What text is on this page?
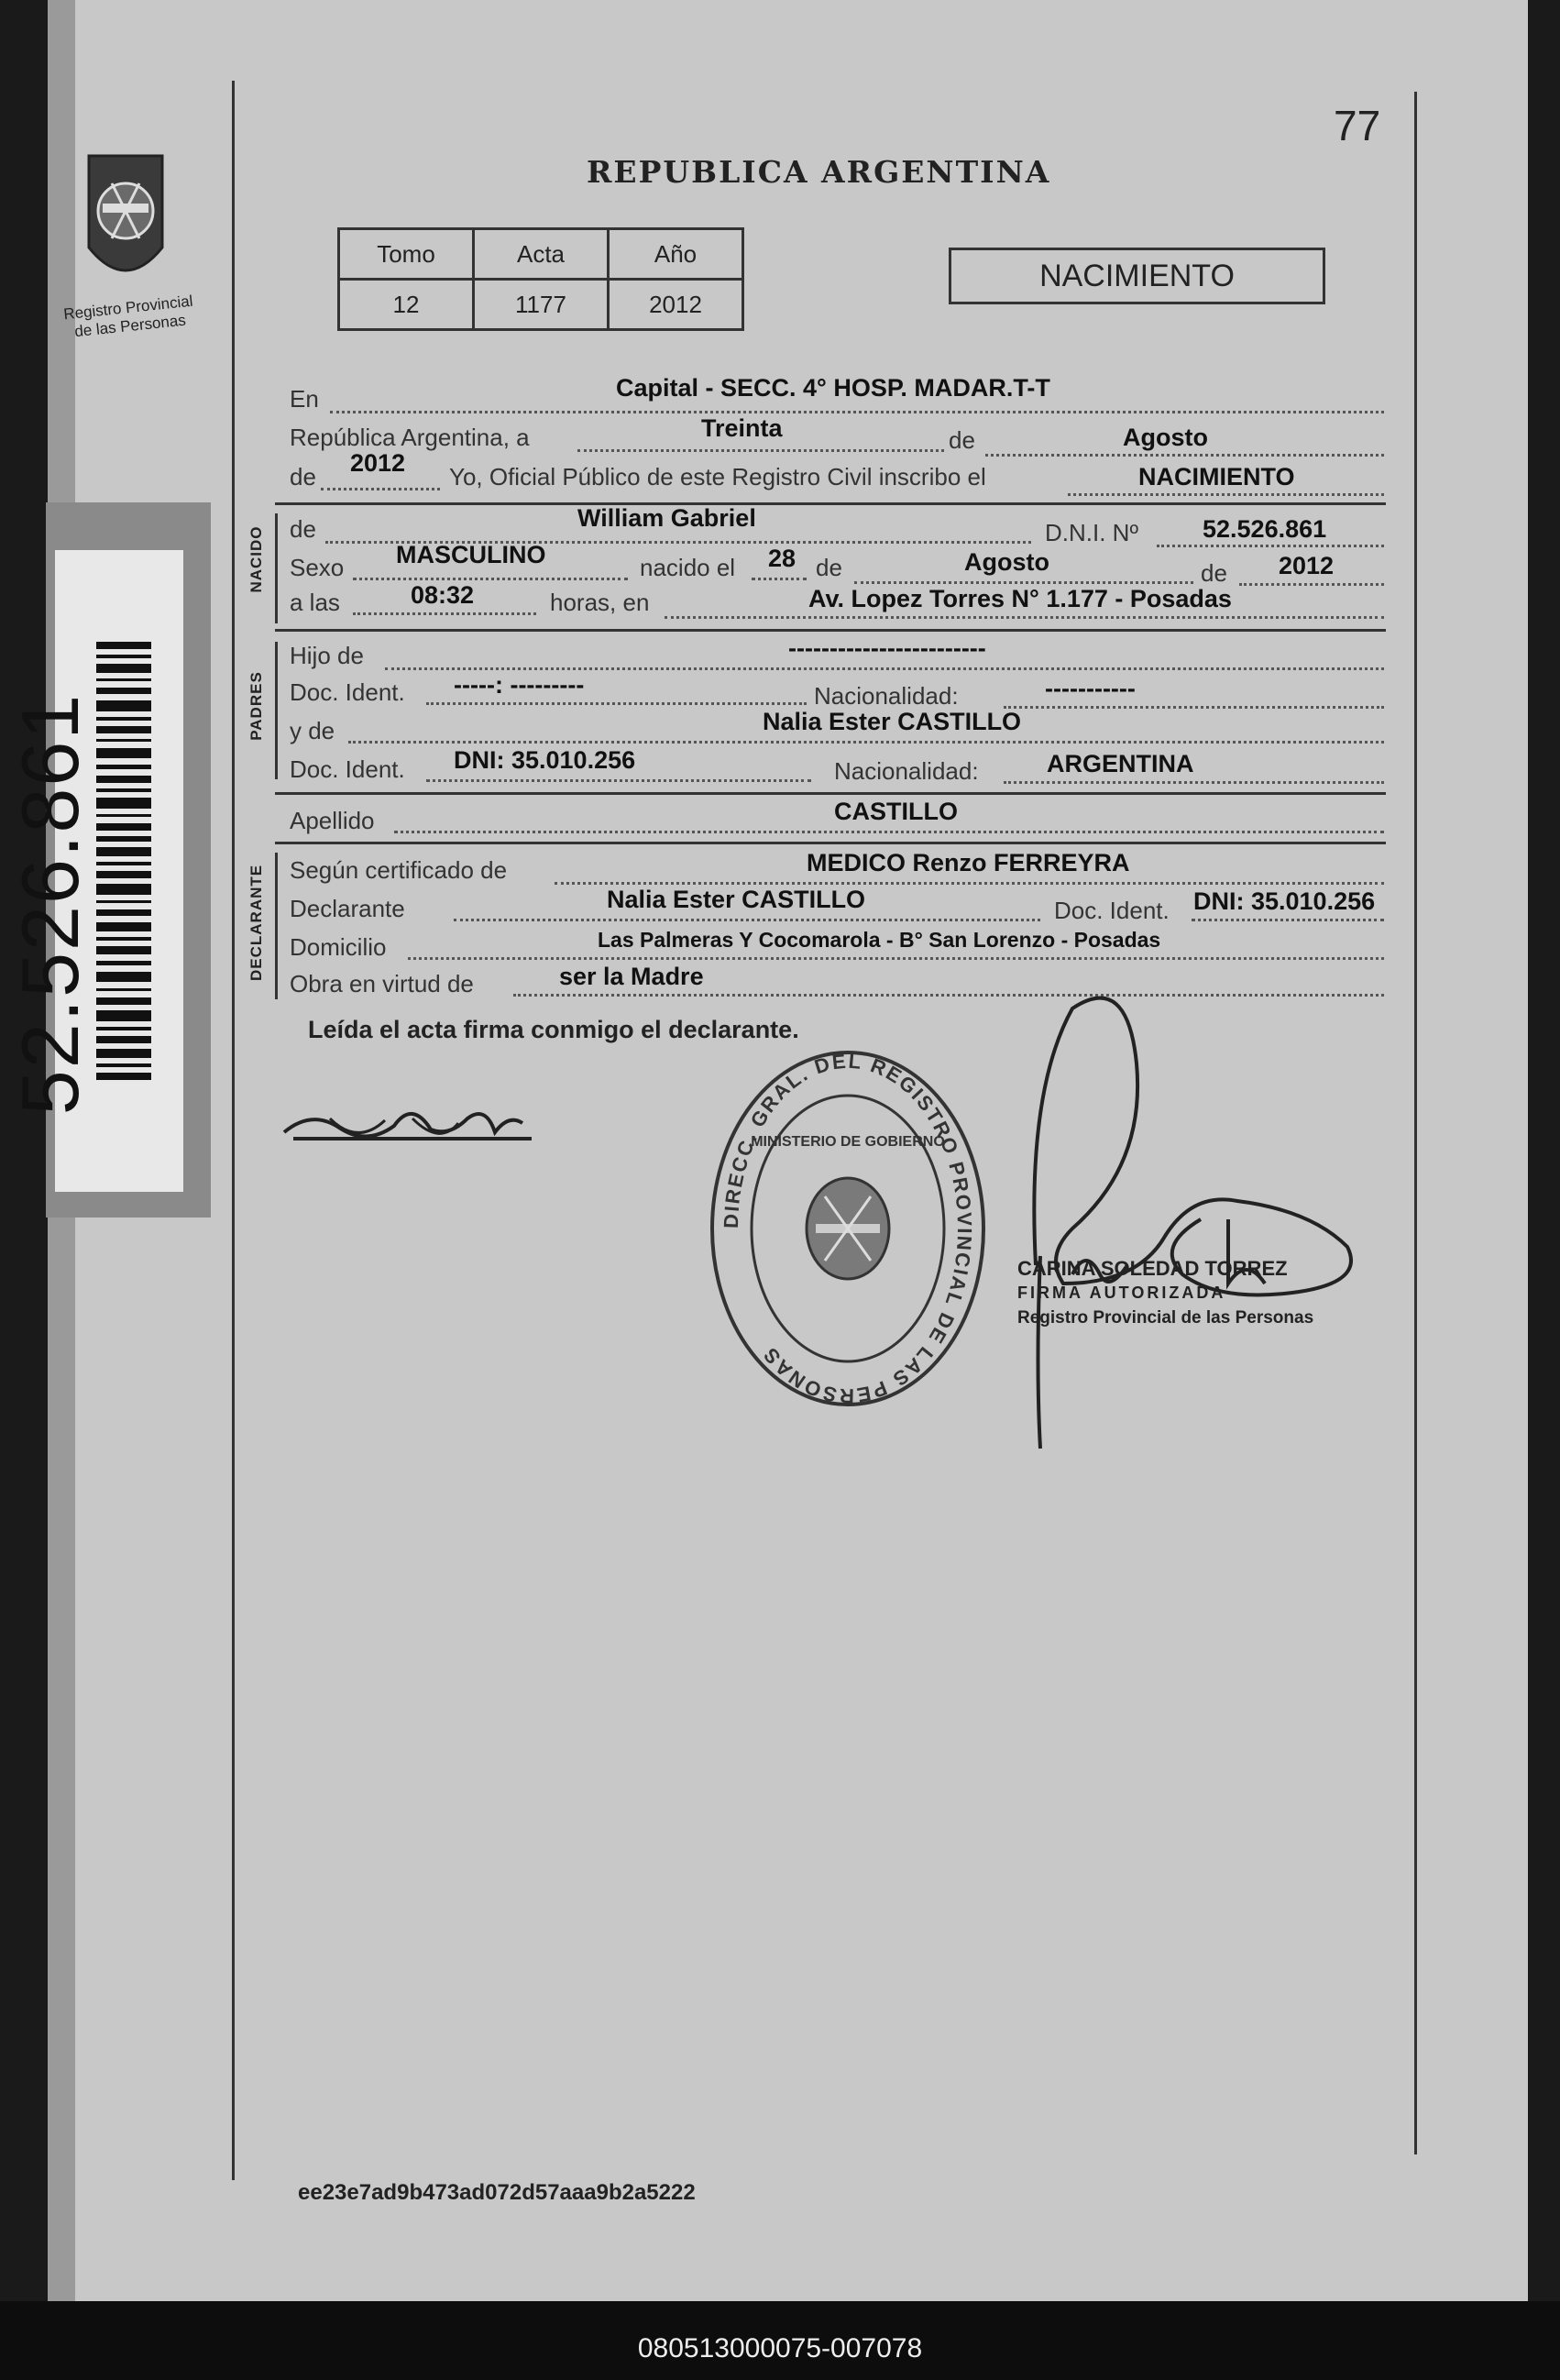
Registro Provincial de las Personas
52.526.861
77
REPUBLICA ARGENTINA
Tomo	Acta	Año
12	1177	2012
NACIMIENTO
NACIDO
PADRES
DECLARANTE
En	Capital - SECC. 4° HOSP. MADAR.T-T
República Argentina, a	Treinta	de	Agosto
de 2012 Yo, Oficial Público de este Registro Civil inscribo el	NACIMIENTO
de	William Gabriel
D.N.I. Nº	52.526.861
Sexo MASCULINO	nacido el 28 de	Agosto	de 2012
a las	08:32	horas, en	Av. Lopez Torres N° 1.177 - Posadas
Hijo de	------------------------
Doc. Ident. -----: ---------	Nacionalidad:	-----------
y de	Nalia Ester CASTILLO
Doc. Ident. DNI: 35.010.256	Nacionalidad:	ARGENTINA
Apellido	CASTILLO
Según certificado de	MEDICO Renzo FERREYRA
Declarante	Nalia Ester CASTILLO	Doc. Ident. DNI: 35.010.256
Domicilio	Las Palmeras Y Cocomarola - B° San Lorenzo - Posadas
Obra en virtud de	ser la Madre
Leída el acta firma conmigo el declarante.
DIRECC. GRAL. DEL REGISTRO PROVINCIAL DE LAS PERSONAS
MINISTERIO DE GOBIERNO
CARINA SOLEDAD TORREZ
FIRMA AUTORIZADA
Registro Provincial de las Personas
ee23e7ad9b473ad072d57aaa9b2a5222
080513000075-007078
